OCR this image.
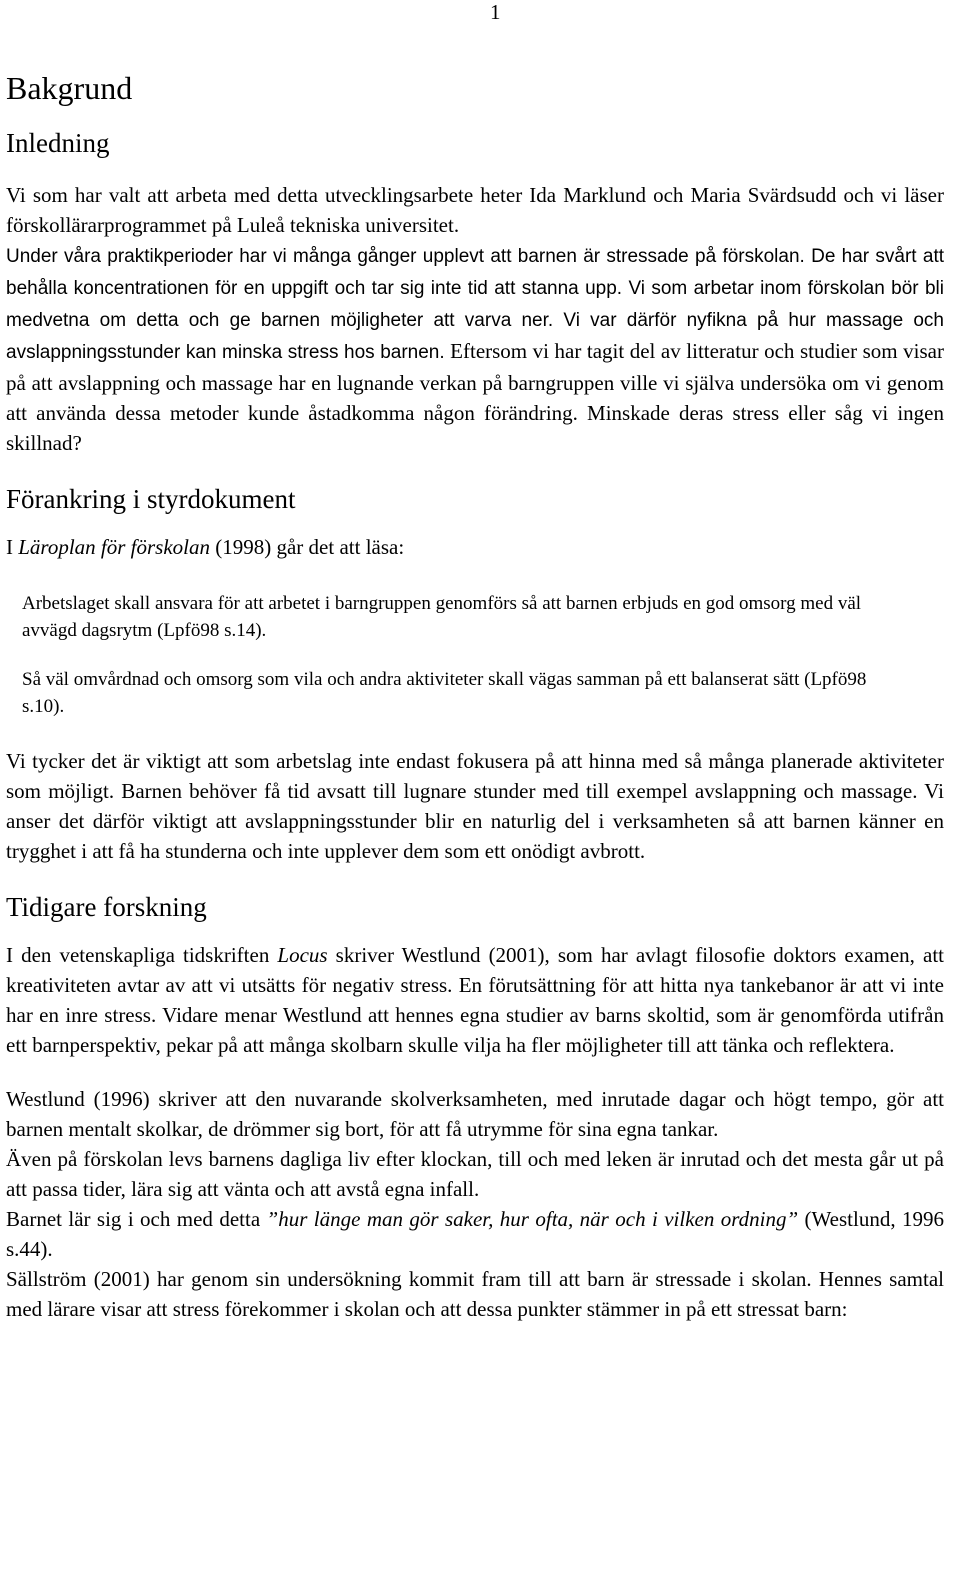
1
Bakgrund
Inledning

Vi som har valt att arbeta med detta utvecklingsarbete heter Ida Marklund och Maria Svärdsudd och vi läser förskollärarprogrammet på Luleå tekniska universitet.

Under våra praktikperioder har vi många gånger upplevt att barnen är stressade på förskolan. De har svårt att behålla koncentrationen för en uppgift och tar sig inte tid att stanna upp. Vi som arbetar inom förskolan bör bli medvetna om detta och ge barnen möjligheter att varva ner. Vi var därför nyfikna på hur massage och avslappningsstunder kan minska stress hos barnen. Eftersom vi har tagit del av litteratur och studier som visar på att avslappning och massage har en lugnande verkan på barngruppen ville vi själva undersöka om vi genom att använda dessa metoder kunde åstadkomma någon förändring. Minskade deras stress eller såg vi ingen skillnad?

Förankring i styrdokument

I Läroplan för förskolan (1998) går det att läsa:

Arbetslaget skall ansvara för att arbetet i barngruppen genomförs så att barnen erbjuds en god omsorg med väl avvägd dagsrytm (Lpfö98 s.14).

Så väl omvårdnad och omsorg som vila och andra aktiviteter skall vägas samman på ett balanserat sätt (Lpfö98 s.10).

Vi tycker det är viktigt att som arbetslag inte endast fokusera på att hinna med så många planerade aktiviteter som möjligt. Barnen behöver få tid avsatt till lugnare stunder med till exempel avslappning och massage. Vi anser det därför viktigt att avslappningsstunder blir en naturlig del i verksamheten så att barnen känner en trygghet i att få ha stunderna och inte upplever dem som ett onödigt avbrott.

Tidigare forskning

I den vetenskapliga tidskriften Locus skriver Westlund (2001), som har avlagt filosofie doktors examen, att kreativiteten avtar av att vi utsätts för negativ stress. En förutsättning för att hitta nya tankebanor är att vi inte har en inre stress. Vidare menar Westlund att hennes egna studier av barns skoltid, som är genomförda utifrån ett barnperspektiv, pekar på att många skolbarn skulle vilja ha fler möjligheter till att tänka och reflektera.

Westlund (1996) skriver att den nuvarande skolverksamheten, med inrutade dagar och högt tempo, gör att barnen mentalt skolkar, de drömmer sig bort, för att få utrymme för sina egna tankar.

Även på förskolan levs barnens dagliga liv efter klockan, till och med leken är inrutad och det mesta går ut på att passa tider, lära sig att vänta och att avstå egna infall.

Barnet lär sig i och med detta ”hur länge man gör saker, hur ofta, när och i vilken ordning” (Westlund, 1996 s.44).

Sällström (2001) har genom sin undersökning kommit fram till att barn är stressade i skolan. Hennes samtal med lärare visar att stress förekommer i skolan och att dessa punkter stämmer in på ett stressat barn:
